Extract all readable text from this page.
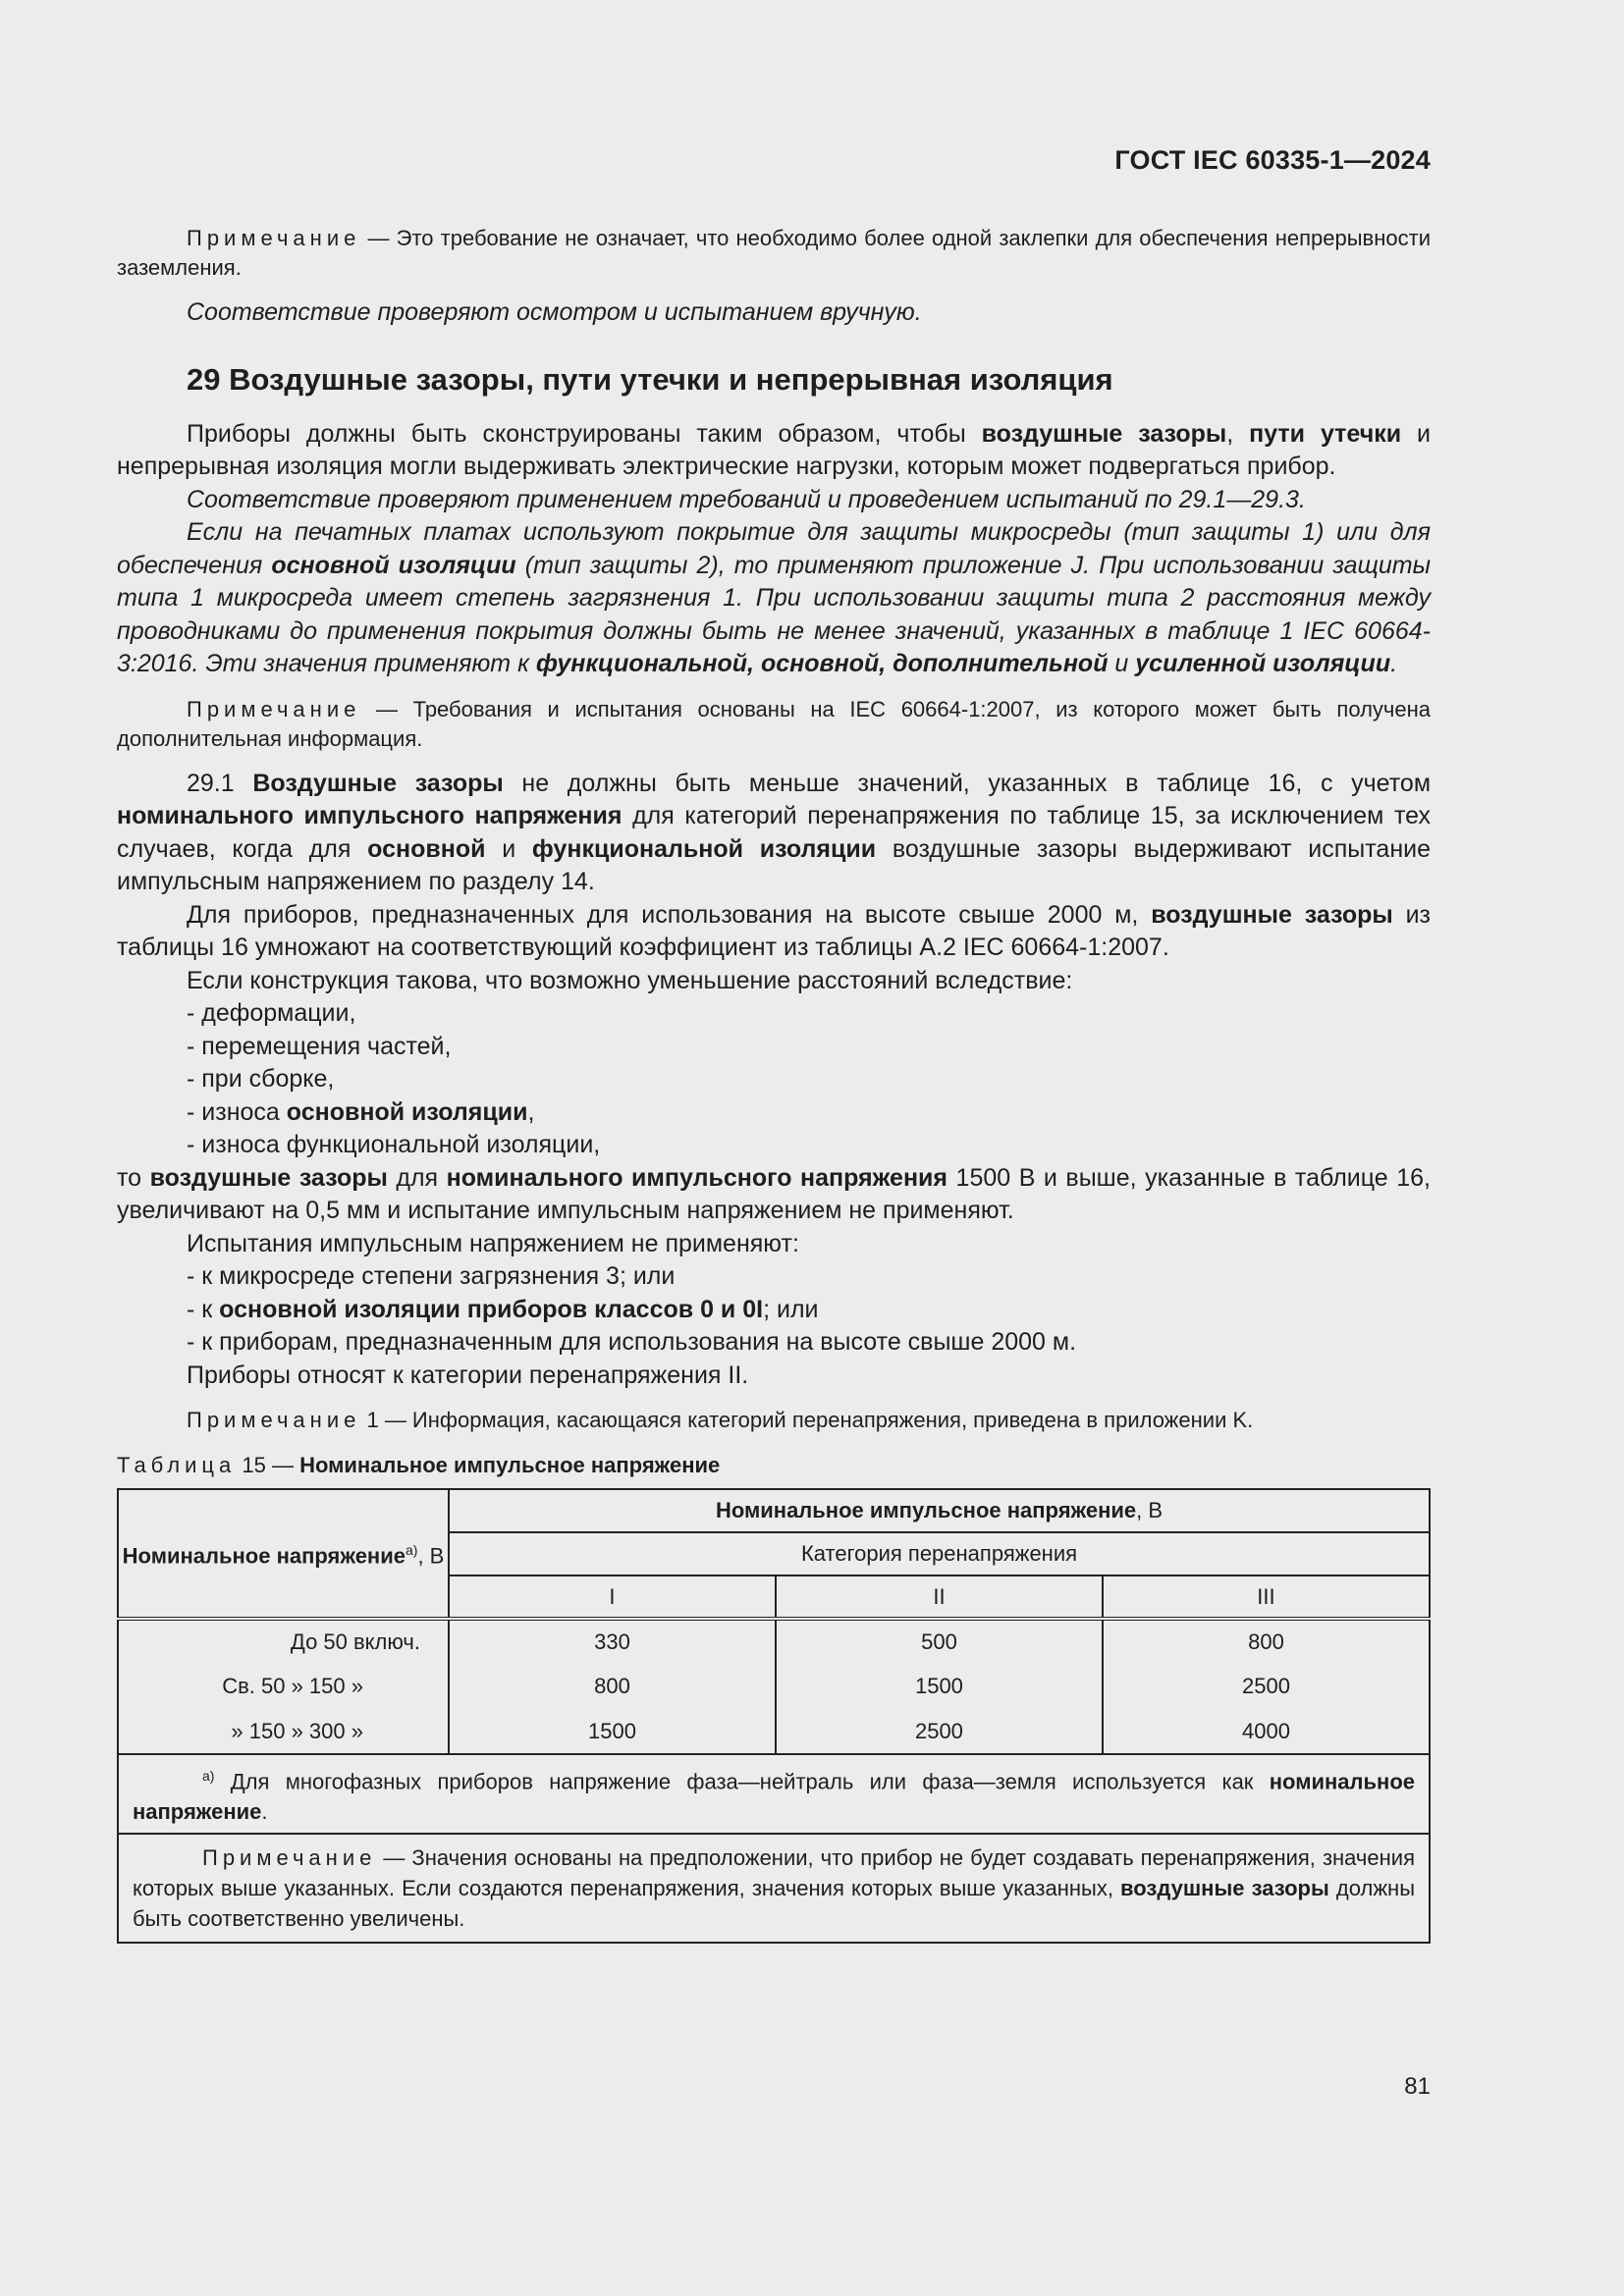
ГОСТ IEC 60335-1—2024

Примечание — Это требование не означает, что необходимо более одной заклепки для обеспечения непрерывности заземления.

Соответствие проверяют осмотром и испытанием вручную.

29 Воздушные зазоры, пути утечки и непрерывная изоляция

Приборы должны быть сконструированы таким образом, чтобы воздушные зазоры, пути утечки и непрерывная изоляция могли выдерживать электрические нагрузки, которым может подвергаться прибор.

Соответствие проверяют применением требований и проведением испытаний по 29.1—29.3.

Если на печатных платах используют покрытие для защиты микросреды (тип защиты 1) или для обеспечения основной изоляции (тип защиты 2), то применяют приложение J. При использовании защиты типа 1 микросреда имеет степень загрязнения 1. При использовании защиты типа 2 расстояния между проводниками до применения покрытия должны быть не менее значений, указанных в таблице 1 IEC 60664-3:2016. Эти значения применяют к функциональной, основной, дополнительной и усиленной изоляции.

Примечание — Требования и испытания основаны на IEC 60664-1:2007, из которого может быть получена дополнительная информация.

29.1 Воздушные зазоры не должны быть меньше значений, указанных в таблице 16, с учетом номинального импульсного напряжения для категорий перенапряжения по таблице 15, за исключением тех случаев, когда для основной и функциональной изоляции воздушные зазоры выдерживают испытание импульсным напряжением по разделу 14.

Для приборов, предназначенных для использования на высоте свыше 2000 м, воздушные зазоры из таблицы 16 умножают на соответствующий коэффициент из таблицы A.2 IEC 60664-1:2007.

Если конструкция такова, что возможно уменьшение расстояний вследствие:

- деформации,

- перемещения частей,

- при сборке,

- износа основной изоляции,

- износа функциональной изоляции,

то воздушные зазоры для номинального импульсного напряжения 1500 В и выше, указанные в таблице 16, увеличивают на 0,5 мм и испытание импульсным напряжением не применяют.

Испытания импульсным напряжением не применяют:

- к микросреде степени загрязнения 3; или

- к основной изоляции приборов классов 0 и 0I; или

- к приборам, предназначенным для использования на высоте свыше 2000 м.

Приборы относят к категории перенапряжения II.

Примечание 1 — Информация, касающаяся категорий перенапряжения, приведена в приложении K.

Таблица 15 — Номинальное импульсное напряжение

Номинальное напряжение$^{а)}$, В	Номинальное импульсное напряжение, В		
	Категория перенапряжения		
	I	II	III
До 50 включ.	330	500	800
Св. 50 » 150 »	800	1500	2500
» 150 » 300 »	1500	2500	4000
$^{а)}$ Для многофазных приборов напряжение фаза—нейтраль или фаза—земля используется как номинальное напряжение.			
Примечание — Значения основаны на предположении, что прибор не будет создавать перенапряжения, значения которых выше указанных. Если создаются перенапряжения, значения которых выше указанных, воздушные зазоры должны быть соответственно увеличены.			
81
